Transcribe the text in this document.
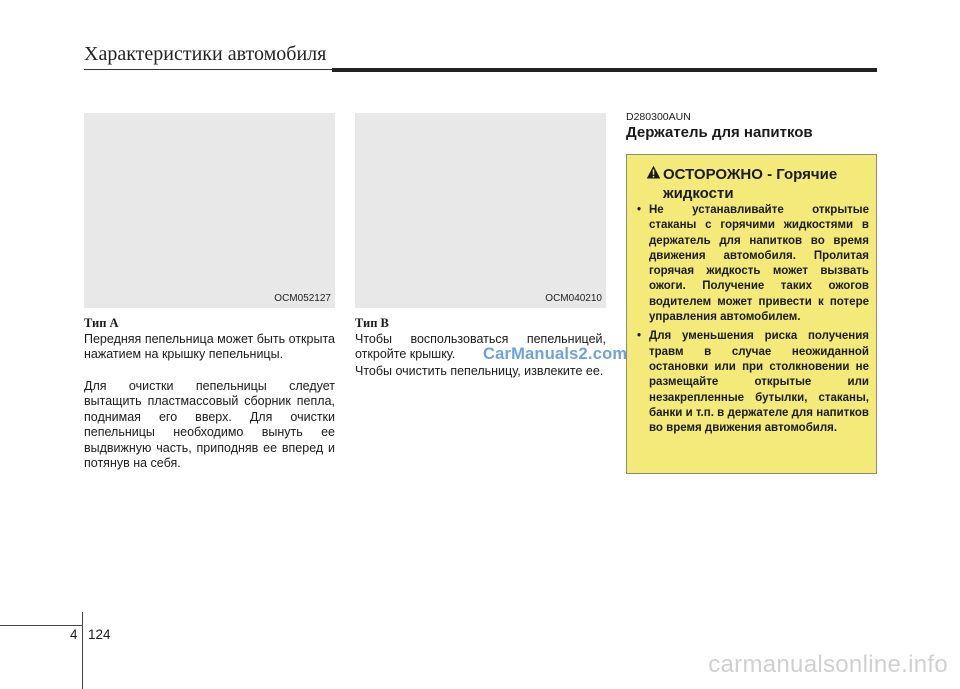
Характеристики автомобиля
OCM052127
Тип А

Передняя пепельница может быть открыта нажатием на крышку пепельницы.

Для очистки пепельницы следует вытащить пластмассовый сборник пепла, поднимая его вверх. Для очистки пепельницы необходимо вынуть ее выдвижную часть, приподняв ее вперед и потянув на себя.

OCM040210
Тип B

Чтобы воспользоваться пепельницей, откройте крышку.

Чтобы очистить пепельницу, извлеките ее.

D280300AUN
Держатель для напитков
ОСТОРОЖНО - Горячие
жидкости
• Не устанавливайте открытые стаканы с горячими жидкостями в держатель для напитков во время движения автомобиля. Пролитая горячая жидкость может вызвать ожоги. Получение таких ожогов водителем может привести к потере управления автомобилем.
• Для уменьшения риска получения травм в случае неожиданной остановки или при столкновении не размещайте открытые или незакрепленные бутылки, стаканы, банки и т.п. в держателе для напитков во время движения автомобиля.
CarManuals2.com
4 124
carmanualsonline.info
